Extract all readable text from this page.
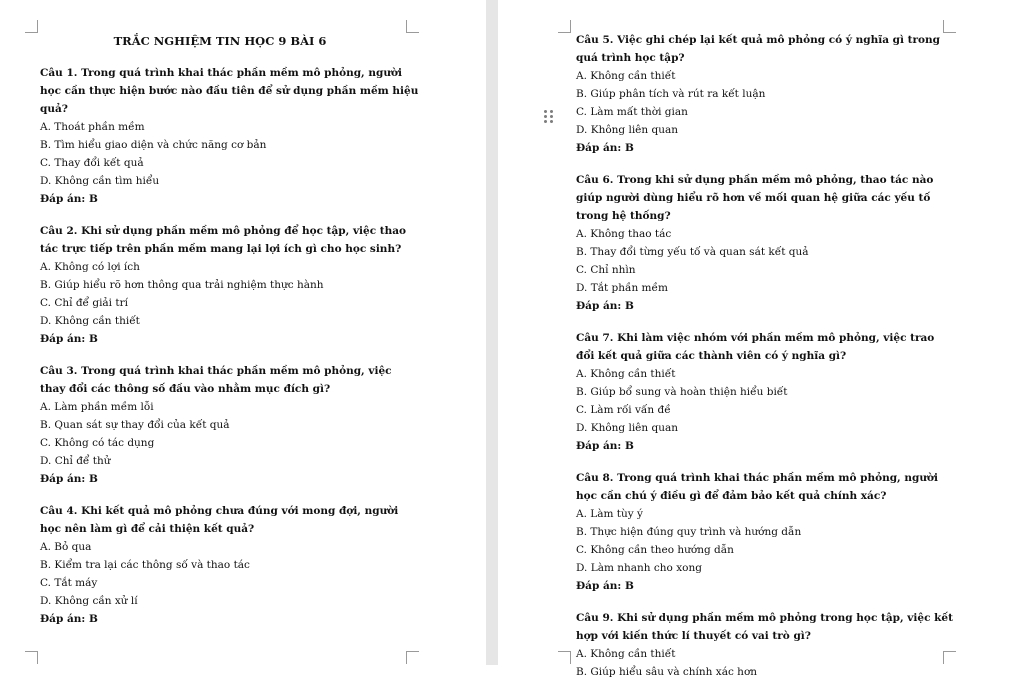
TRẮC NGHIỆM TIN HỌC 9 BÀI 6

Câu 1. Trong quá trình khai thác phần mềm mô phỏng, người học cần thực hiện bước nào đầu tiên để sử dụng phần mềm hiệu quả?

A. Thoát phần mềm

B. Tìm hiểu giao diện và chức năng cơ bản

C. Thay đổi kết quả

D. Không cần tìm hiểu

Đáp án: B

Câu 2. Khi sử dụng phần mềm mô phỏng để học tập, việc thao tác trực tiếp trên phần mềm mang lại lợi ích gì cho học sinh?

A. Không có lợi ích

B. Giúp hiểu rõ hơn thông qua trải nghiệm thực hành

C. Chỉ để giải trí

D. Không cần thiết

Đáp án: B

Câu 3. Trong quá trình khai thác phần mềm mô phỏng, việc thay đổi các thông số đầu vào nhằm mục đích gì?

A. Làm phần mềm lỗi

B. Quan sát sự thay đổi của kết quả

C. Không có tác dụng

D. Chỉ để thử

Đáp án: B

Câu 4. Khi kết quả mô phỏng chưa đúng với mong đợi, người học nên làm gì để cải thiện kết quả?

A. Bỏ qua

B. Kiểm tra lại các thông số và thao tác

C. Tắt máy

D. Không cần xử lí

Đáp án: B

Câu 5. Việc ghi chép lại kết quả mô phỏng có ý nghĩa gì trong quá trình học tập?

A. Không cần thiết

B. Giúp phân tích và rút ra kết luận

C. Làm mất thời gian

D. Không liên quan

Đáp án: B

Câu 6. Trong khi sử dụng phần mềm mô phỏng, thao tác nào giúp người dùng hiểu rõ hơn về mối quan hệ giữa các yếu tố trong hệ thống?

A. Không thao tác

B. Thay đổi từng yếu tố và quan sát kết quả

C. Chỉ nhìn

D. Tắt phần mềm

Đáp án: B

Câu 7. Khi làm việc nhóm với phần mềm mô phỏng, việc trao đổi kết quả giữa các thành viên có ý nghĩa gì?

A. Không cần thiết

B. Giúp bổ sung và hoàn thiện hiểu biết

C. Làm rối vấn đề

D. Không liên quan

Đáp án: B

Câu 8. Trong quá trình khai thác phần mềm mô phỏng, người học cần chú ý điều gì để đảm bảo kết quả chính xác?

A. Làm tùy ý

B. Thực hiện đúng quy trình và hướng dẫn

C. Không cần theo hướng dẫn

D. Làm nhanh cho xong

Đáp án: B

Câu 9. Khi sử dụng phần mềm mô phỏng trong học tập, việc kết hợp với kiến thức lí thuyết có vai trò gì?

A. Không cần thiết

B. Giúp hiểu sâu và chính xác hơn
